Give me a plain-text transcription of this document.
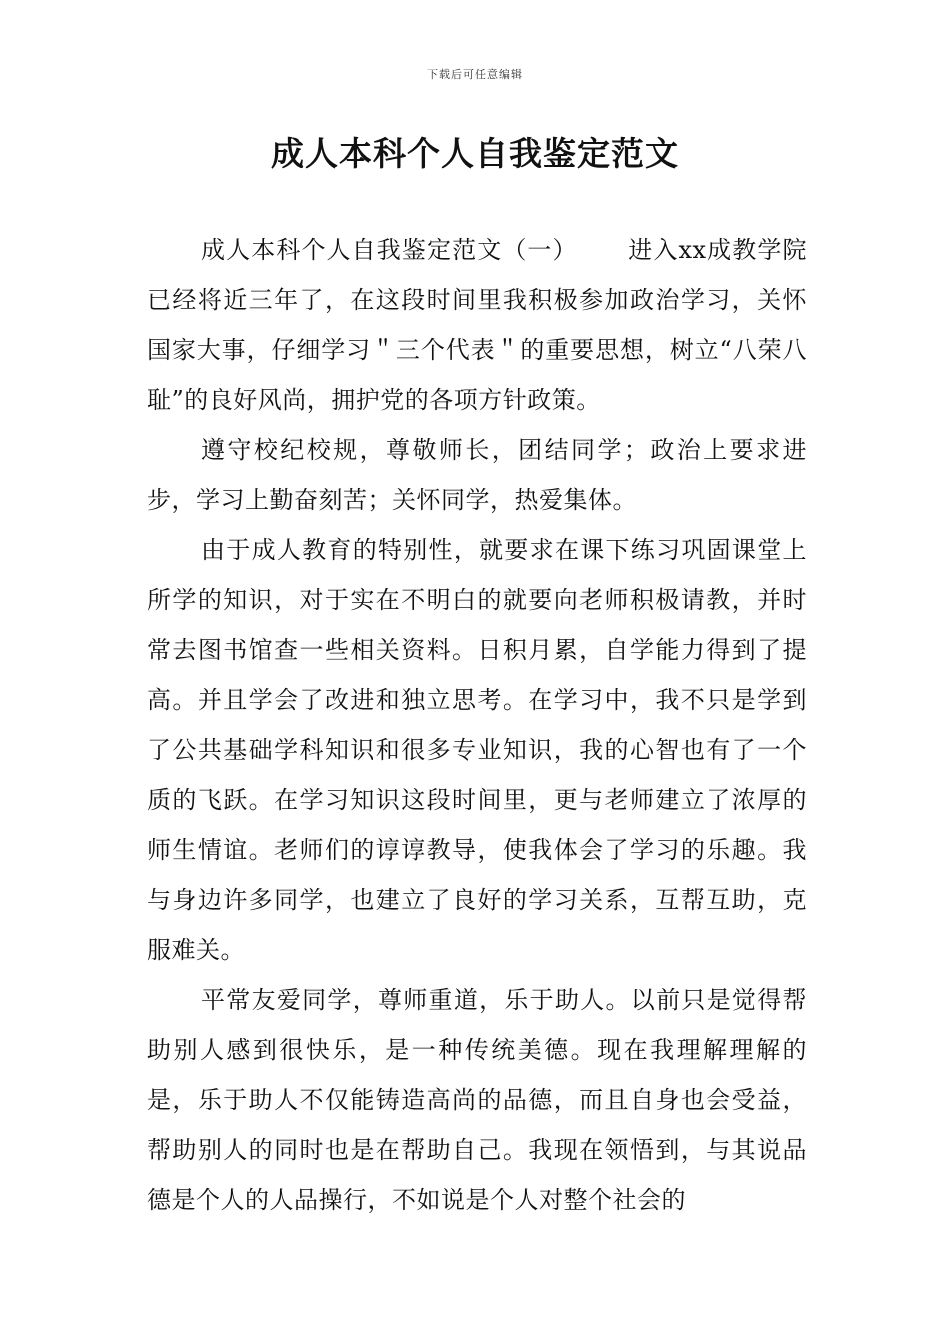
下载后可任意编辑
成人本科个人自我鉴定范文

成人本科个人自我鉴定范文（一） 进入xx成教学院已经将近三年了，在这段时间里我积极参加政治学习，关怀国家大事，仔细学习＂三个代表＂的重要思想，树立“八荣八耻”的良好风尚，拥护党的各项方针政策。

遵守校纪校规，尊敬师长，团结同学；政治上要求进步，学习上勤奋刻苦；关怀同学，热爱集体。

由于成人教育的特别性，就要求在课下练习巩固课堂上所学的知识，对于实在不明白的就要向老师积极请教，并时常去图书馆查一些相关资料。日积月累，自学能力得到了提高。并且学会了改进和独立思考。在学习中，我不只是学到了公共基础学科知识和很多专业知识，我的心智也有了一个质的飞跃。在学习知识这段时间里，更与老师建立了浓厚的师生情谊。老师们的谆谆教导，使我体会了学习的乐趣。我与身边许多同学，也建立了良好的学习关系，互帮互助，克服难关。

平常友爱同学，尊师重道，乐于助人。以前只是觉得帮助别人感到很快乐，是一种传统美德。现在我理解理解的是，乐于助人不仅能铸造高尚的品德，而且自身也会受益，帮助别人的同时也是在帮助自己。我现在领悟到，与其说品德是个人的人品操行，不如说是个人对整个社会的
